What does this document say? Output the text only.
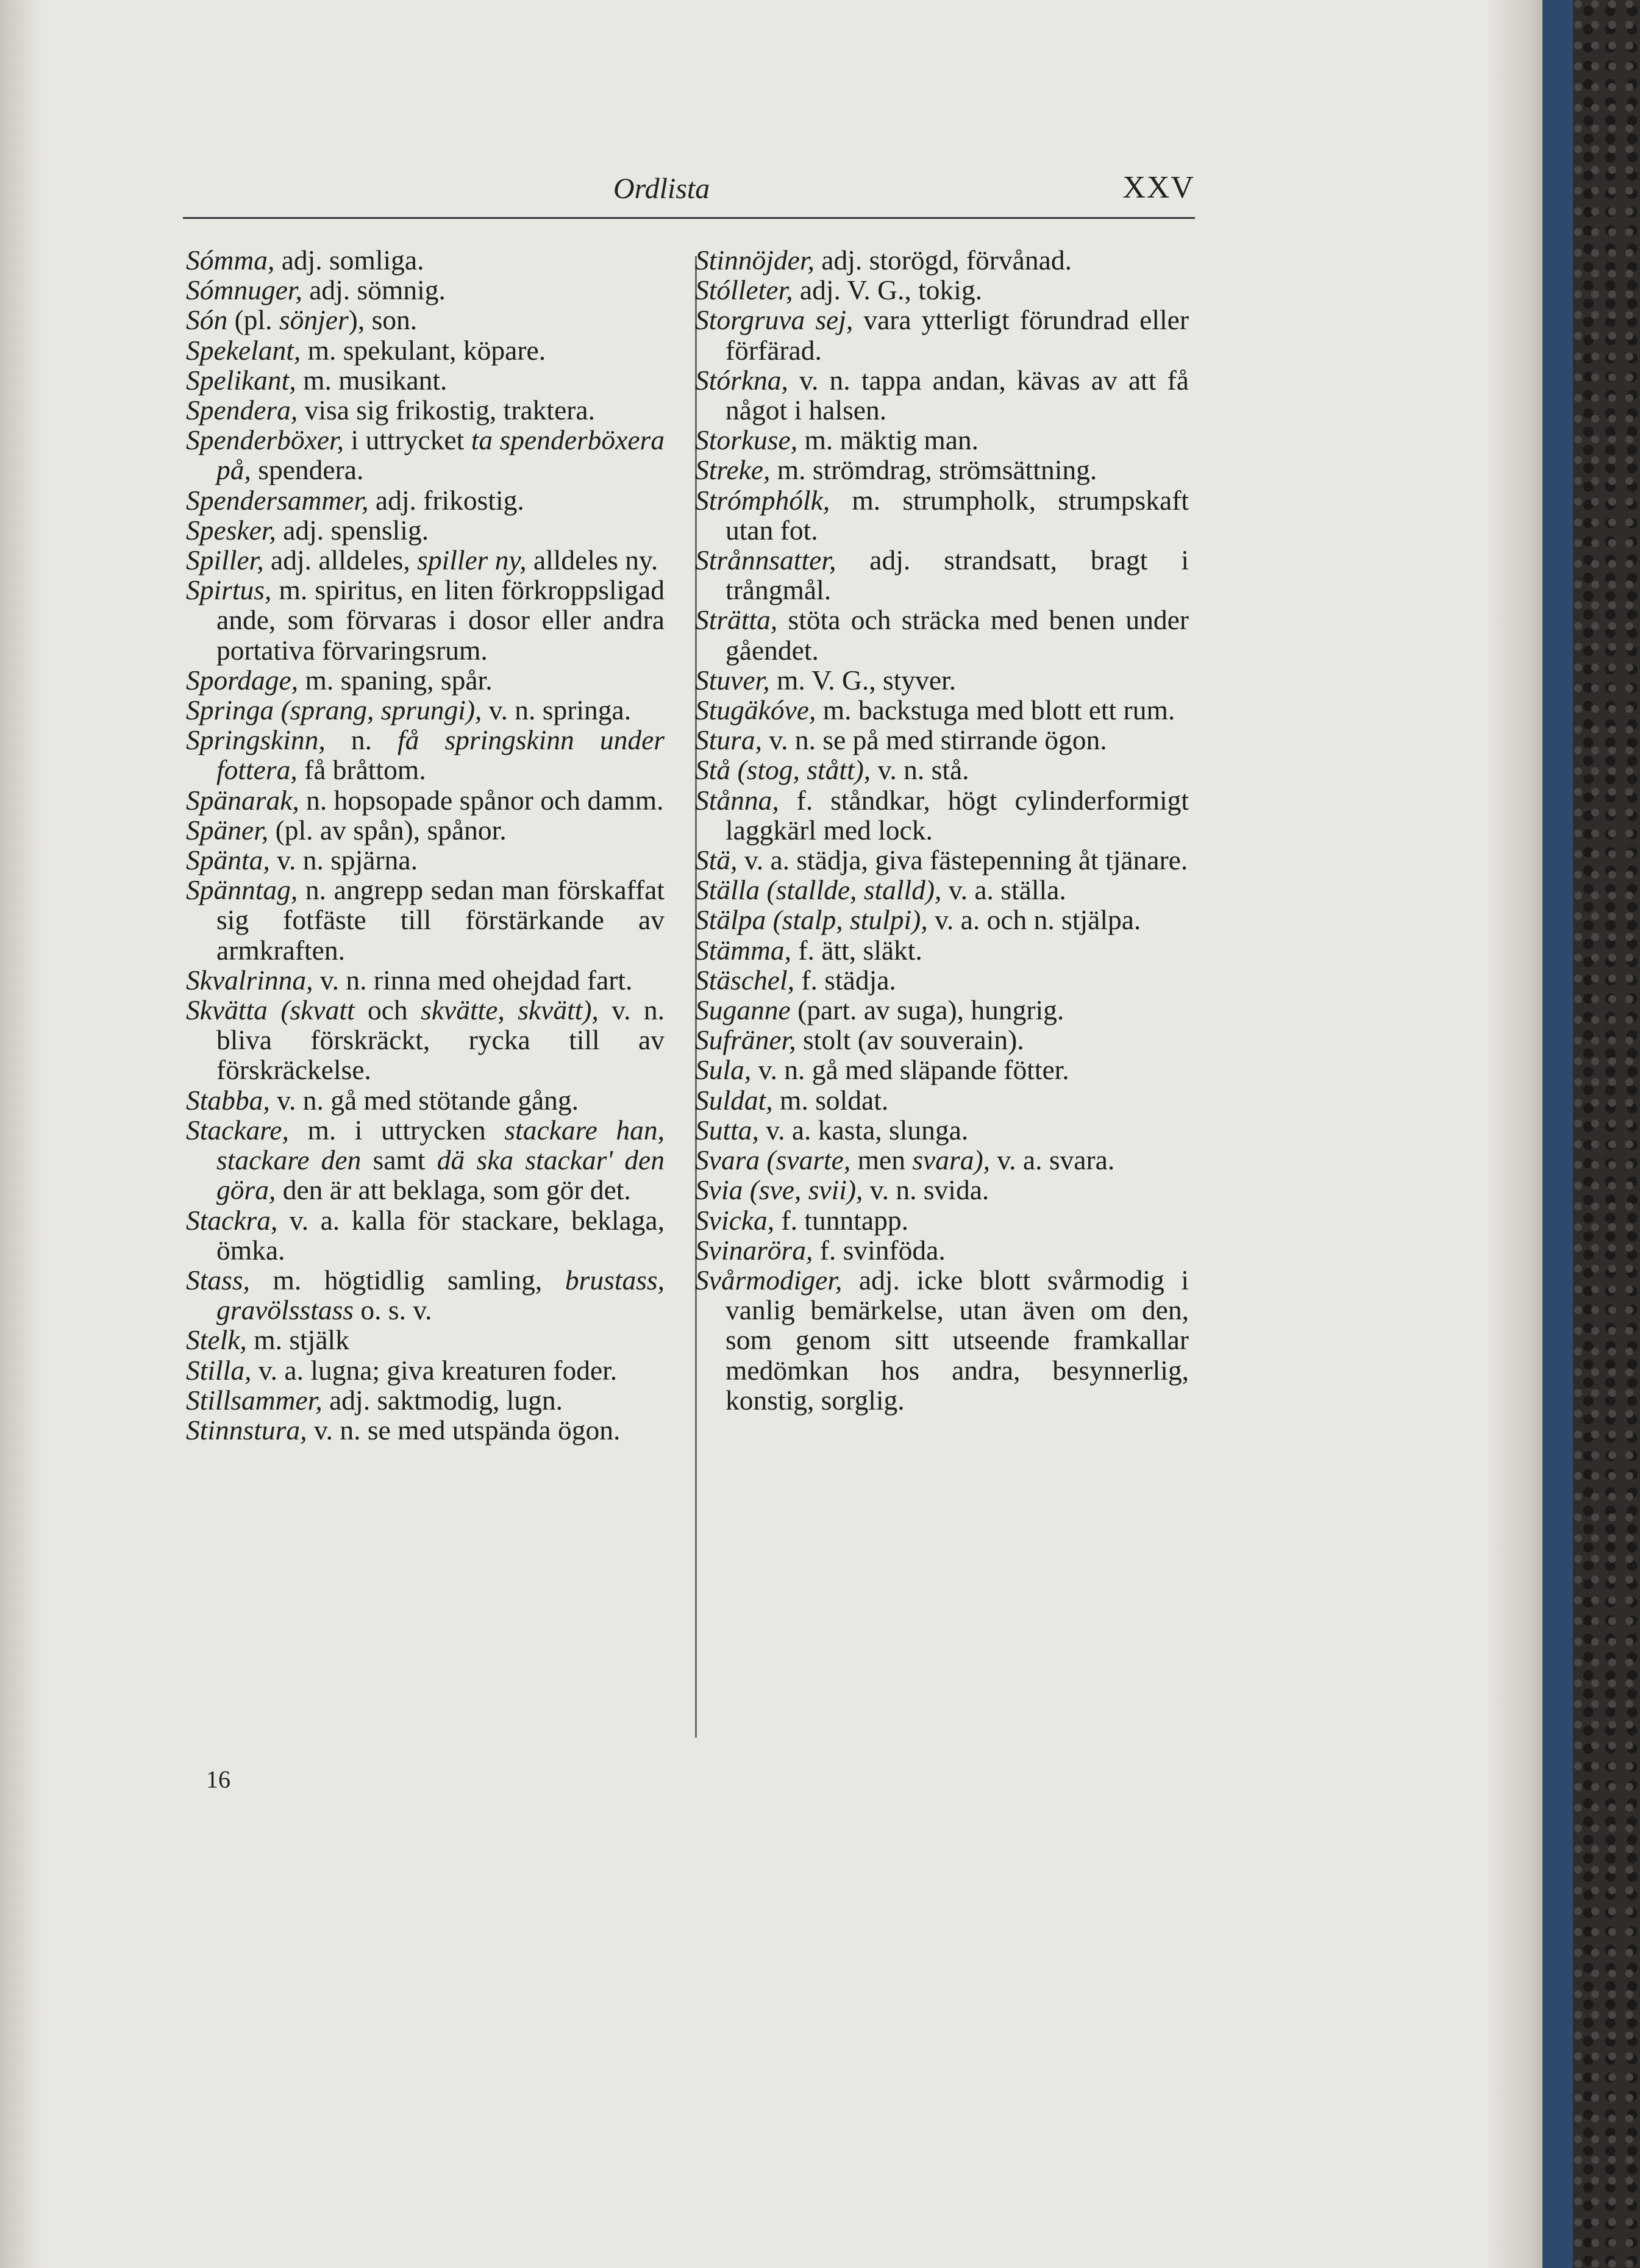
Ordlista	XXV

Sómma, adj. somliga.

Sómnuger, adj. sömnig.

Són (pl. sönjer), son.

Spekelant, m. spekulant, köpare.

Spelikant, m. musikant.

Spendera, visa sig frikostig, traktera.

Spenderböxer, i uttrycket ta spenderböxera på, spendera.

Spendersammer, adj. frikostig.

Spesker, adj. spenslig.

Spiller, adj. alldeles, spiller ny, alldeles ny.

Spirtus, m. spiritus, en liten förkroppsligad ande, som förvaras i dosor eller andra portativa förvaringsrum.

Spordage, m. spaning, spår.

Springa (sprang, sprungi), v. n. springa.

Springskinn, n. få springskinn under fottera, få bråttom.

Spänarak, n. hopsopade spånor och damm.

Späner, (pl. av spån), spånor.

Späntа, v. n. spjärna.

Spänntag, n. angrepp sedan man förskaffat sig fotfäste till förstärkande av armkraften.

Skvalrinna, v. n. rinna med ohejdad fart.

Skvätta (skvatt och skvätte, skvätt), v. n. bliva förskräckt, rycka till av förskräckelse.

Stabba, v. n. gå med stötande gång.

Stackare, m. i uttrycken stackare han, stackare den samt dä ska stackar' den göra, den är att beklaga, som gör det.

Stackra, v. a. kalla för stackare, beklaga, ömka.

Stass, m. högtidlig samling, brustass, gravölsstass o. s. v.

Stelk, m. stjälk

Stilla, v. a. lugna; giva kreaturen foder.

Stillsammer, adj. saktmodig, lugn.

Stinnstura, v. n. se med utspända ögon.

Stinnöjder, adj. storögd, förvånad.

Stólleter, adj. V. G., tokig.

Storgruva sej, vara ytterligt förundrad eller förfärad.

Stórkna, v. n. tappa andan, kävas av att få något i halsen.

Storkuse, m. mäktig man.

Streke, m. strömdrag, strömsättning.

Strómphólk, m. strumpholk, strumpskaft utan fot.

Strånnsatter, adj. strandsatt, bragt i trångmål.

Strätta, stöta och sträcka med benen under gåendet.

Stuver, m. V. G., styver.

Stugäkóve, m. backstuga med blott ett rum.

Stura, v. n. se på med stirrande ögon.

Stå (stog, stått), v. n. stå.

Stånna, f. ståndkar, högt cylinderformigt laggkärl med lock.

Stä, v. a. städja, giva fästepenning åt tjänare.

Ställa (stallde, stalld), v. a. ställa.

Stälpa (stalp, stulpi), v. a. och n. stjälpa.

Stämma, f. ätt, släkt.

Stäschel, f. städja.

Suganne (part. av suga), hungrig.

Sufräner, stolt (av souverain).

Sula, v. n. gå med släpande fötter.

Suldat, m. soldat.

Sutta, v. a. kasta, slunga.

Svara (svarte, men svara), v. a. svara.

Svia (sve, svii), v. n. svida.

Svicka, f. tunntapp.

Svinaröra, f. svinföda.

Svårmodiger, adj. icke blott svårmodig i vanlig bemärkelse, utan även om den, som genom sitt utseende framkallar medömkan hos andra, besynnerlig, konstig, sorglig.

16
